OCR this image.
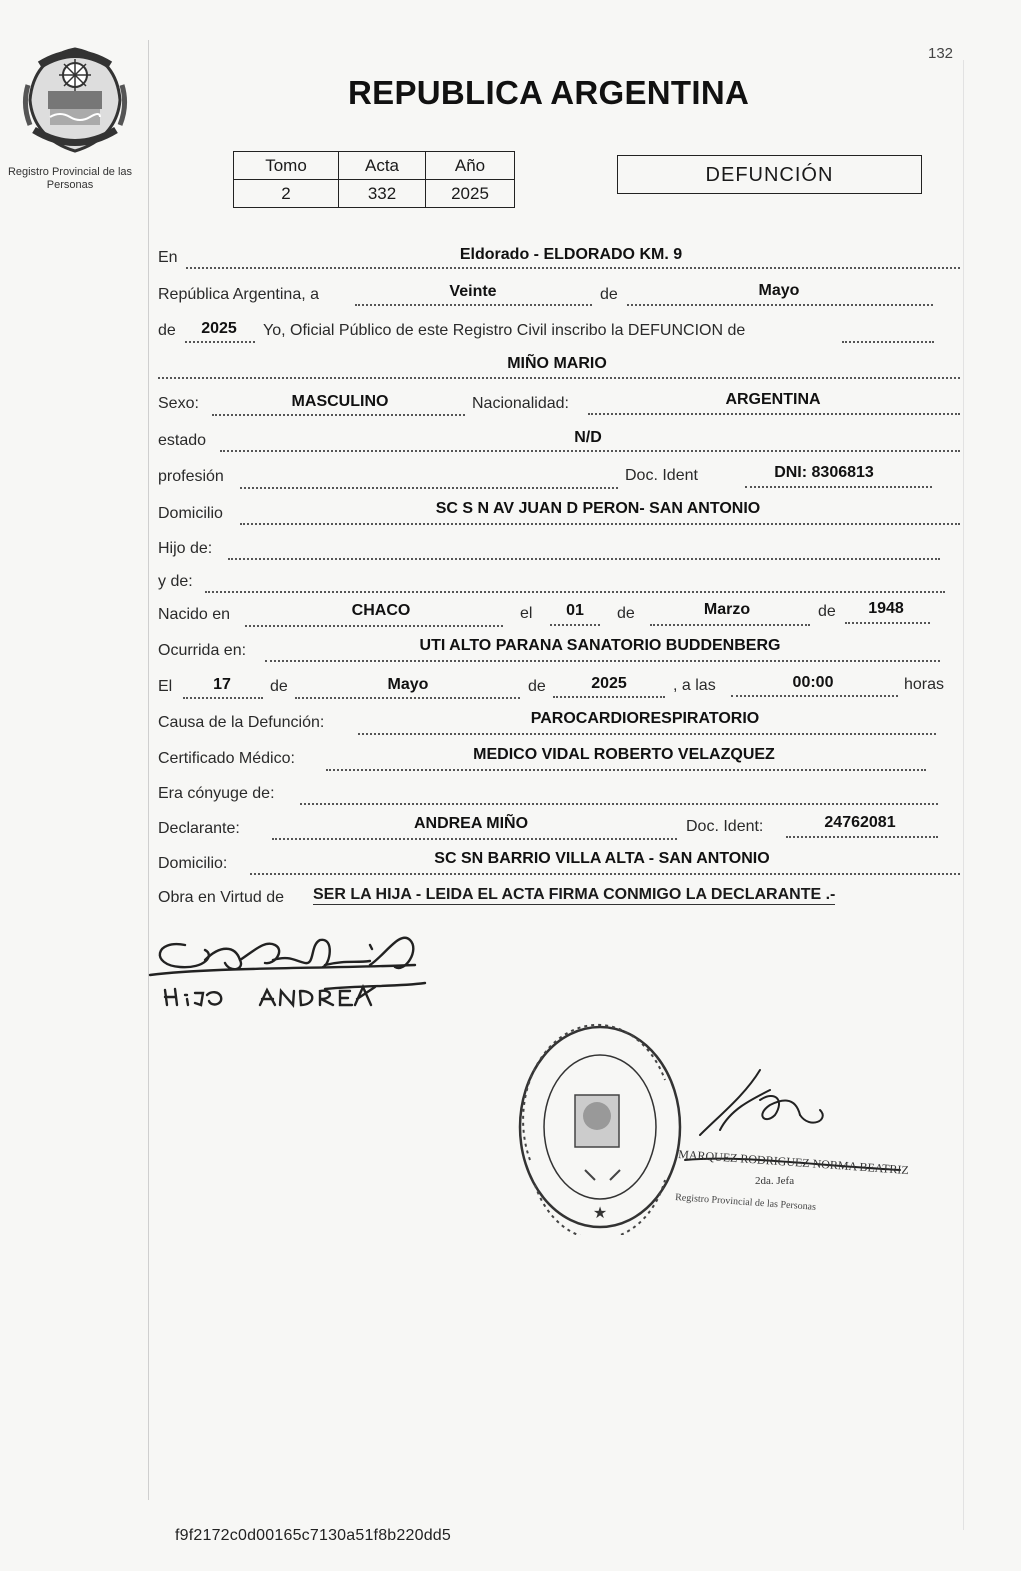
Registro Provincial de las Personas
132
REPUBLICA ARGENTINA
Tomo	Acta	Año
2	332	2025
DEFUNCIÓN
En	Eldorado - ELDORADO KM. 9
República Argentina, a	Veinte	de	Mayo
de 2025 Yo, Oficial Público de este Registro Civil inscribo la DEFUNCION de
MIÑO MARIO
Sexo:	MASCULINO	Nacionalidad:	ARGENTINA
estado	N/D
profesión	Doc. Ident	DNI: 8306813
Domicilio	SC S N AV JUAN D PERON- SAN ANTONIO
Hijo de:
y de:
Nacido en	CHACO	el 01 de	Marzo	de 1948
Ocurrida en:	UTI ALTO PARANA SANATORIO BUDDENBERG
El	17 de	Mayo	de	2025	, a las	00:00	horas
Causa de la Defunción:	PAROCARDIORESPIRATORIO
Certificado Médico:	MEDICO VIDAL ROBERTO VELAZQUEZ
Era cónyuge de:
Declarante:	ANDREA MIÑO	Doc. Ident:	24762081
Domicilio:	SC SN BARRIO VILLA ALTA - SAN ANTONIO
Obra en Virtud de SER LA HIJA - LEIDA EL ACTA FIRMA CONMIGO LA DECLARANTE .-
★
MARQUEZ RODRIGUEZ NORMA BEATRIZ
2da. Jefa
Registro Provincial de las Personas
f9f2172c0d00165c7130a51f8b220dd5
